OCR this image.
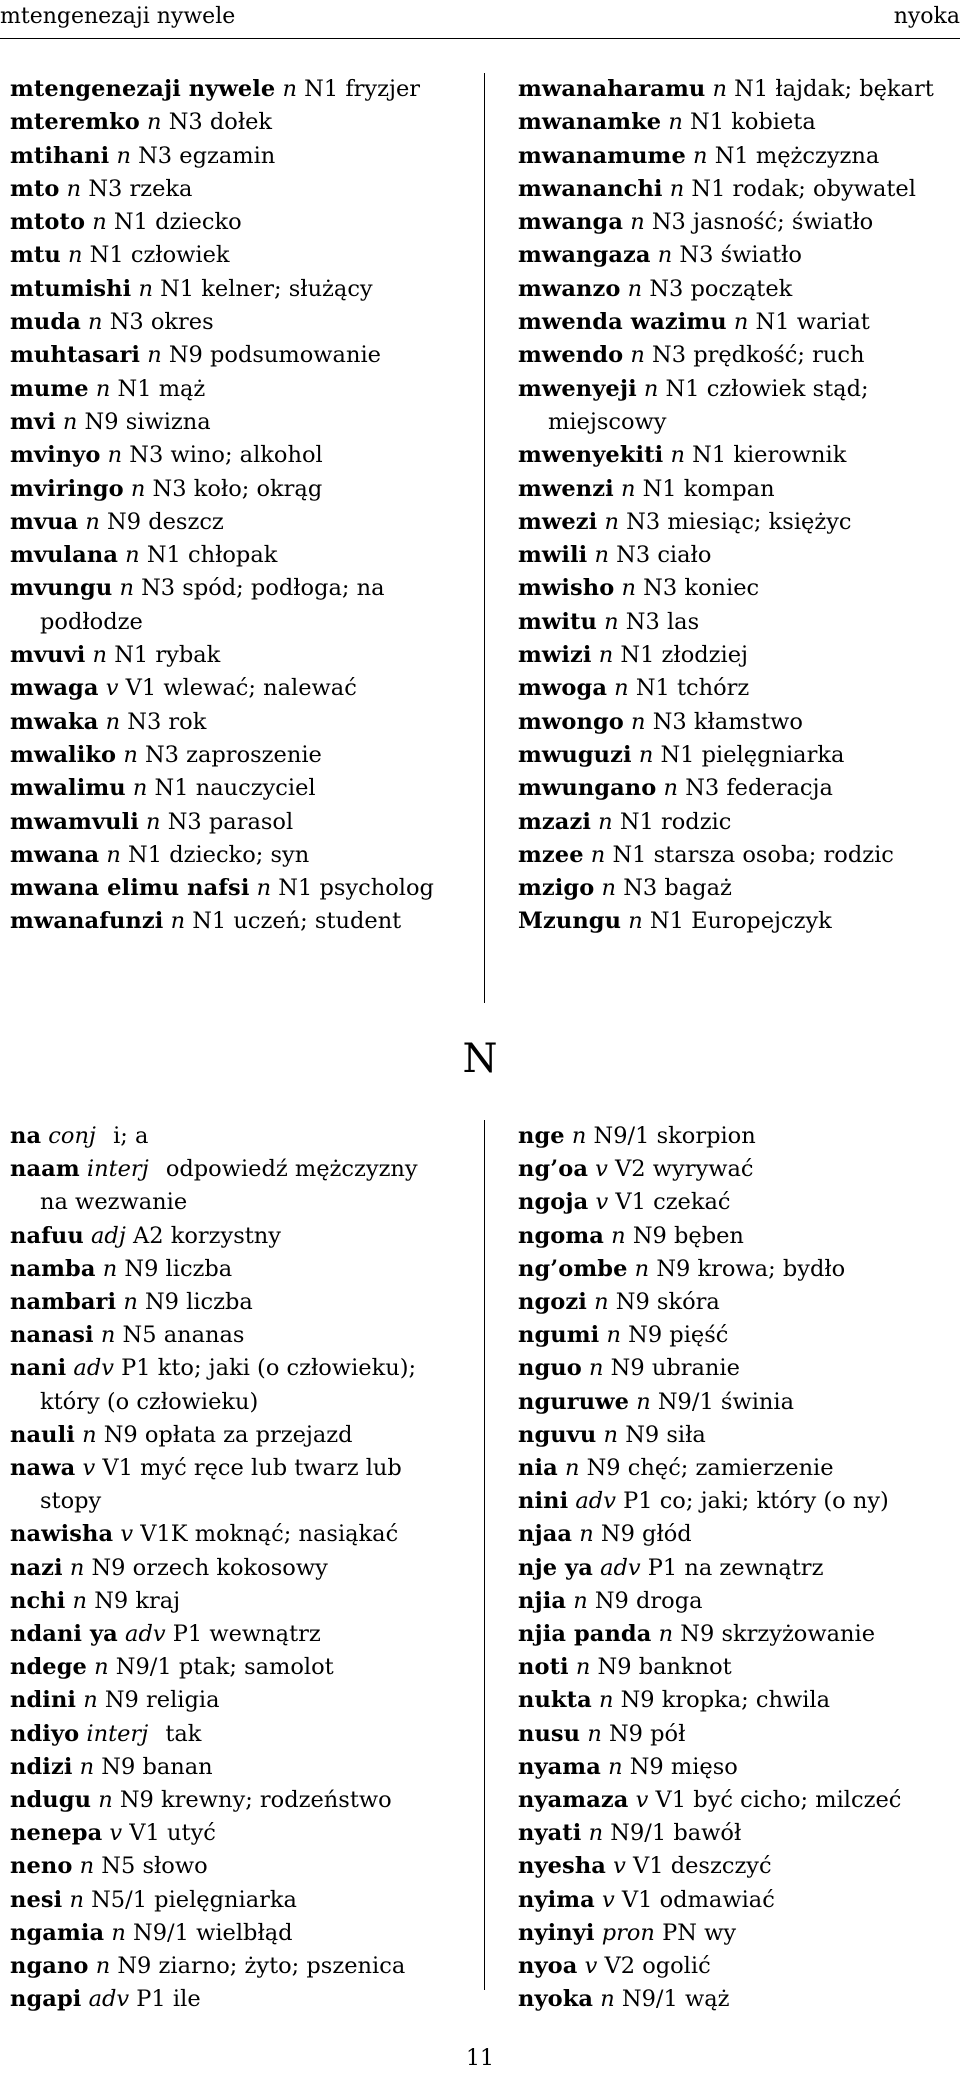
mtengenezaji nywele	nyoka
mtengenezaji nywele n N1 fryzjer
mteremko n N3 dołek
mtihani n N3 egzamin
mto n N3 rzeka
mtoto n N1 dziecko
mtu n N1 człowiek
mtumishi n N1 kelner; służący
muda n N3 okres
muhtasari n N9 podsumowanie
mume n N1 mąż
mvi n N9 siwizna
mvinyo n N3 wino; alkohol
mviringo n N3 koło; okrąg
mvua n N9 deszcz
mvulana n N1 chłopak
mvungu n N3 spód; podłoga; na podłodze
mvuvi n N1 rybak
mwaga v V1 wlewać; nalewać
mwaka n N3 rok
mwaliko n N3 zaproszenie
mwalimu n N1 nauczyciel
mwamvuli n N3 parasol
mwana n N1 dziecko; syn
mwana elimu nafsi n N1 psycholog
mwanafunzi n N1 uczeń; student
mwanaharamu n N1 łajdak; bękart
mwanamke n N1 kobieta
mwanamume n N1 mężczyzna
mwananchi n N1 rodak; obywatel
mwanga n N3 jasność; światło
mwangaza n N3 światło
mwanzo n N3 początek
mwenda wazimu n N1 wariat
mwendo n N3 prędkość; ruch
mwenyeji n N1 człowiek stąd; miejscowy
mwenyekiti n N1 kierownik
mwenzi n N1 kompan
mwezi n N3 miesiąc; księżyc
mwili n N3 ciało
mwisho n N3 koniec
mwitu n N3 las
mwizi n N1 złodziej
mwoga n N1 tchórz
mwongo n N3 kłamstwo
mwuguzi n N1 pielęgniarka
mwungano n N3 federacja
mzazi n N1 rodzic
mzee n N1 starsza osoba; rodzic
mzigo n N3 bagaż
Mzungu n N1 Europejczyk
N
na conj i; a
naam interj odpowiedź mężczyzny na wezwanie
nafuu adj A2 korzystny
namba n N9 liczba
nambari n N9 liczba
nanasi n N5 ananas
nani adv P1 kto; jaki (o człowieku); który (o człowieku)
nauli n N9 opłata za przejazd
nawa v V1 myć ręce lub twarz lub stopy
nawisha v V1K moknąć; nasiąkać
nazi n N9 orzech kokosowy
nchi n N9 kraj
ndani ya adv P1 wewnątrz
ndege n N9/1 ptak; samolot
ndini n N9 religia
ndiyo interj tak
ndizi n N9 banan
ndugu n N9 krewny; rodzeństwo
nenepa v V1 utyć
neno n N5 słowo
nesi n N5/1 pielęgniarka
ngamia n N9/1 wielbłąd
ngano n N9 ziarno; żyto; pszenica
ngapi adv P1 ile
nge n N9/1 skorpion
ng’oa v V2 wyrywać
ngoja v V1 czekać
ngoma n N9 bęben
ng’ombe n N9 krowa; bydło
ngozi n N9 skóra
ngumi n N9 pięść
nguo n N9 ubranie
nguruwe n N9/1 świnia
nguvu n N9 siła
nia n N9 chęć; zamierzenie
nini adv P1 co; jaki; który (o ny)
njaa n N9 głód
nje ya adv P1 na zewnątrz
njia n N9 droga
njia panda n N9 skrzyżowanie
noti n N9 banknot
nukta n N9 kropka; chwila
nusu n N9 pół
nyama n N9 mięso
nyamaza v V1 być cicho; milczeć
nyati n N9/1 bawół
nyesha v V1 deszczyć
nyima v V1 odmawiać
nyinyi pron PN wy
nyoa v V2 ogolić
nyoka n N9/1 wąż
11
